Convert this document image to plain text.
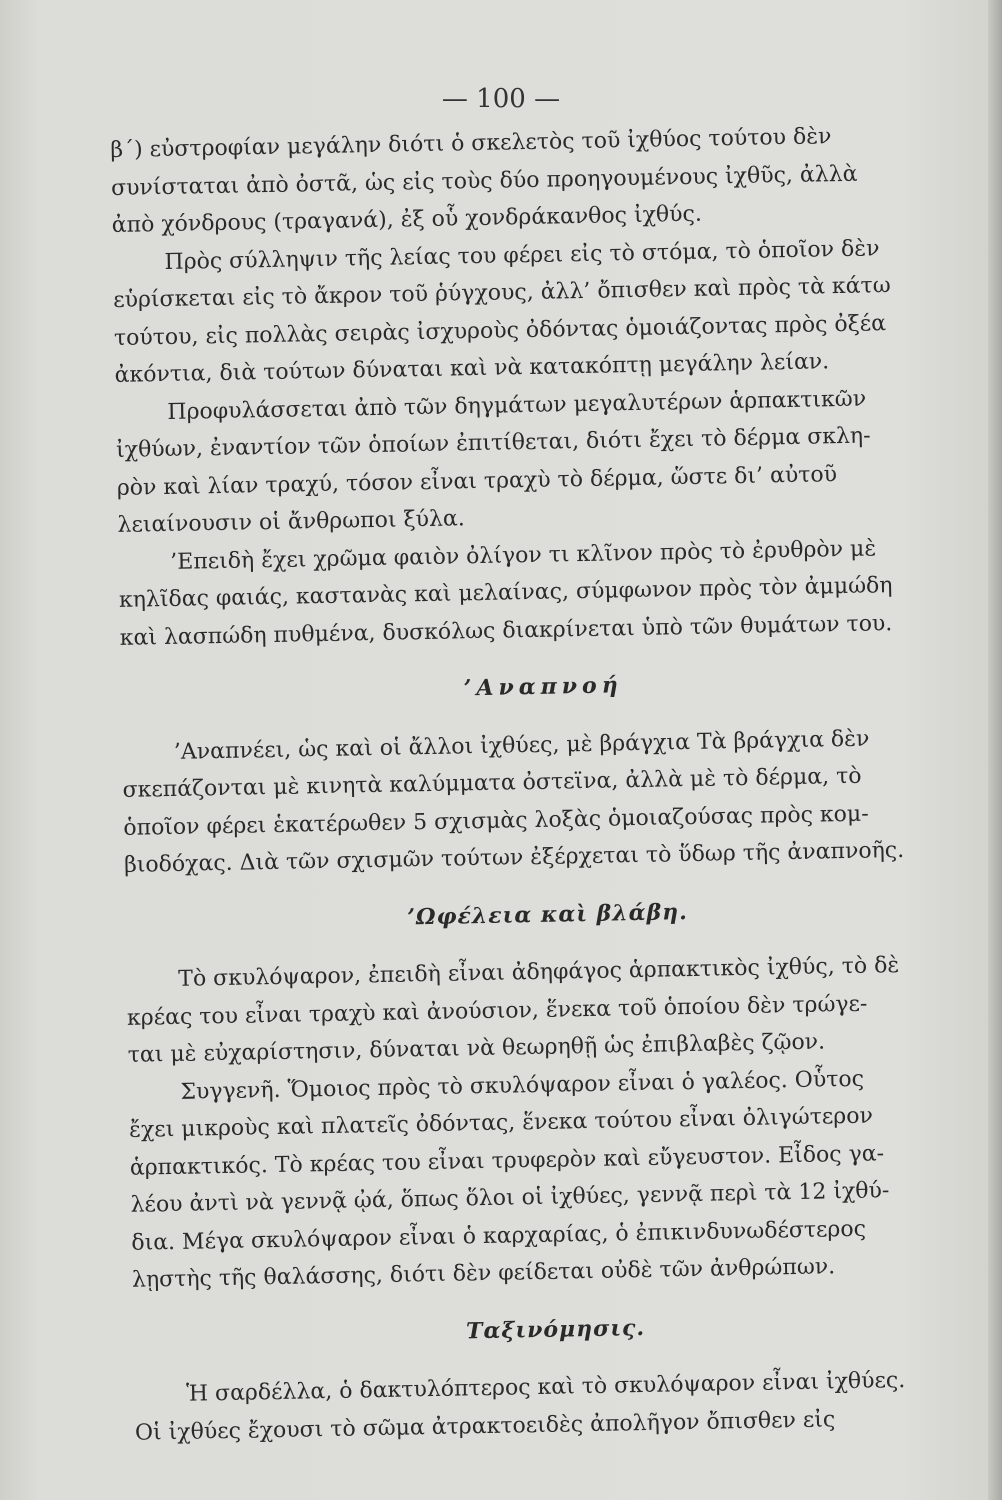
— 100 —
β΄) εὐστροφίαν μεγάλην διότι ὁ σκελετὸς τοῦ ἰχθύος τούτου δὲν
συνίσταται ἀπὸ ὀστᾶ, ὡς εἰς τοὺς δύο προηγουμένους ἰχθῦς, ἀλλὰ
ἀπὸ χόνδρους (τραγανά), ἐξ οὗ χονδράκανθος ἰχθύς.
Πρὸς σύλληψιν τῆς λείας του φέρει εἰς τὸ στόμα, τὸ ὁποῖον δὲν
εὑρίσκεται εἰς τὸ ἄκρον τοῦ ῥύγχους, ἀλλ’ ὄπισθεν καὶ πρὸς τὰ κάτω
τούτου, εἰς πολλὰς σειρὰς ἰσχυροὺς ὀδόντας ὁμοιάζοντας πρὸς ὀξέα
ἀκόντια, διὰ τούτων δύναται καὶ νὰ κατακόπτῃ μεγάλην λείαν.
Προφυλάσσεται ἀπὸ τῶν δηγμάτων μεγαλυτέρων ἁρπακτικῶν
ἰχθύων, ἐναντίον τῶν ὁποίων ἐπιτίθεται, διότι ἔχει τὸ δέρμα σκλη-
ρὸν καὶ λίαν τραχύ, τόσον εἶναι τραχὺ τὸ δέρμα, ὥστε δι’ αὐτοῦ
λειαίνουσιν οἱ ἄνθρωποι ξύλα.
’Επειδὴ ἔχει χρῶμα φαιὸν ὀλίγον τι κλῖνον πρὸς τὸ ἐρυθρὸν μὲ
κηλῖδας φαιάς, καστανὰς καὶ μελαίνας, σύμφωνον πρὸς τὸν ἀμμώδη
καὶ λασπώδη πυθμένα, δυσκόλως διακρίνεται ὑπὸ τῶν θυμάτων του.
’Αναπνοή
’Αναπνέει, ὡς καὶ οἱ ἄλλοι ἰχθύες, μὲ βράγχια Τὰ βράγχια δὲν
σκεπάζονται μὲ κινητὰ καλύμματα ὀστεϊνα, ἀλλὰ μὲ τὸ δέρμα, τὸ
ὁποῖον φέρει ἑκατέρωθεν 5 σχισμὰς λοξὰς ὁμοιαζούσας πρὸς κομ-
βιοδόχας. Διὰ τῶν σχισμῶν τούτων ἐξέρχεται τὸ ὕδωρ τῆς ἀναπνοῆς.
’Ωφέλεια καὶ βλάβη.
Τὸ σκυλόψαρον, ἐπειδὴ εἶναι ἀδηφάγος ἁρπακτικὸς ἰχθύς, τὸ δὲ
κρέας του εἶναι τραχὺ καὶ ἀνούσιον, ἕνεκα τοῦ ὁποίου δὲν τρώγε-
ται μὲ εὐχαρίστησιν, δύναται νὰ θεωρηθῇ ὡς ἐπιβλαβὲς ζῷον.
Συγγενῆ. Ὅμοιος πρὸς τὸ σκυλόψαρον εἶναι ὁ γαλέος. Οὗτος
ἔχει μικροὺς καὶ πλατεῖς ὀδόντας, ἕνεκα τούτου εἶναι ὀλιγώτερον
ἁρπακτικός. Τὸ κρέας του εἶναι τρυφερὸν καὶ εὔγευστον. Εἶδος γα-
λέου ἀντὶ νὰ γεννᾷ ᾠά, ὅπως ὅλοι οἱ ἰχθύες, γεννᾷ περὶ τὰ 12 ἰχθύ-
δια. Μέγα σκυλόψαρον εἶναι ὁ καρχαρίας, ὁ ἐπικινδυνωδέστερος
λῃστὴς τῆς θαλάσσης, διότι δὲν φείδεται οὐδὲ τῶν ἀνθρώπων.
Ταξινόμησις.
Ἡ σαρδέλλα, ὁ δακτυλόπτερος καὶ τὸ σκυλόψαρον εἶναι ἰχθύες.
Οἱ ἰχθύες ἔχουσι τὸ σῶμα ἀτρακτοειδὲς ἀπολῆγον ὄπισθεν εἰς
